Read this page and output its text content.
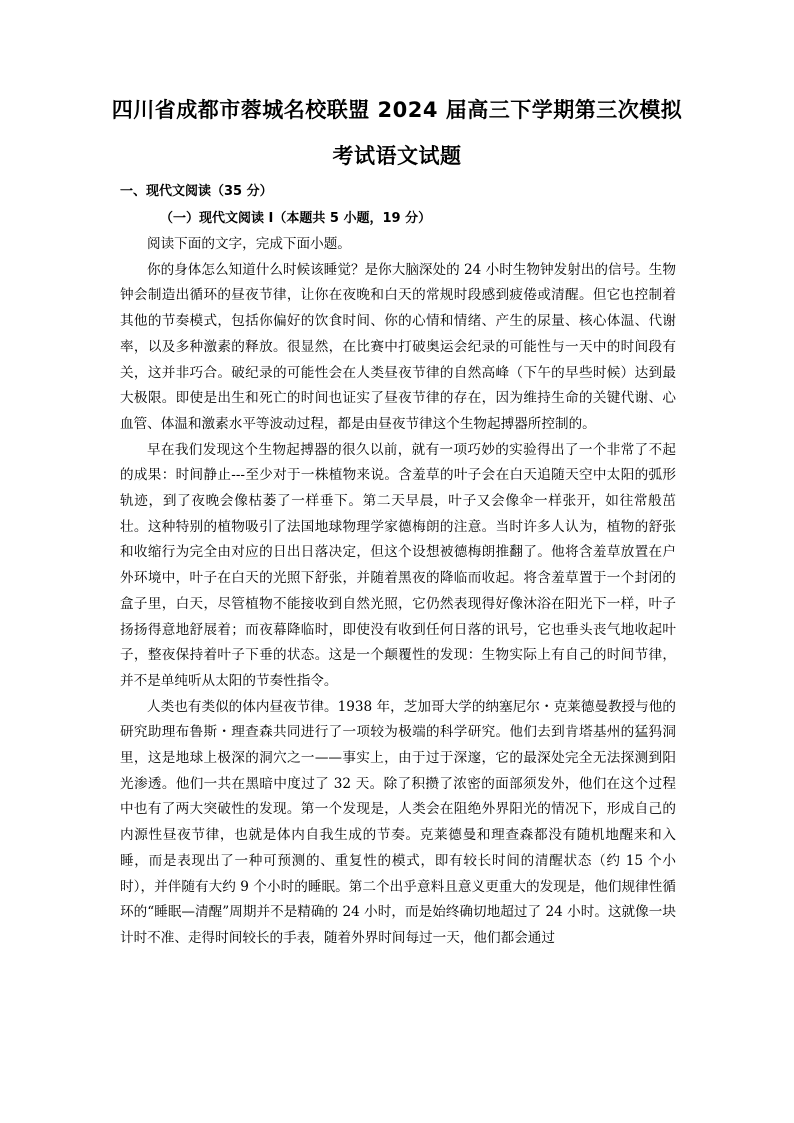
四川省成都市蓉城名校联盟 2024 届高三下学期第三次模拟
考试语文试题
一、现代文阅读（35 分）
（一）现代文阅读 I（本题共 5 小题，19 分）

阅读下面的文字，完成下面小题。

你的身体怎么知道什么时候该睡觉？是你大脑深处的 24 小时生物钟发射出的信号。生物钟会制造出循环的昼夜节律，让你在夜晚和白天的常规时段感到疲倦或清醒。但它也控制着其他的节奏模式，包括你偏好的饮食时间、你的心情和情绪、产生的尿量、核心体温、代谢率，以及多种激素的释放。很显然，在比赛中打破奥运会纪录的可能性与一天中的时间段有关，这并非巧合。破纪录的可能性会在人类昼夜节律的自然高峰（下午的早些时候）达到最大极限。即使是出生和死亡的时间也证实了昼夜节律的存在，因为维持生命的关键代谢、心血管、体温和激素水平等波动过程，都是由昼夜节律这个生物起搏器所控制的。

早在我们发现这个生物起搏器的很久以前，就有一项巧妙的实验得出了一个非常了不起的成果：时间静止---至少对于一株植物来说。含羞草的叶子会在白天追随天空中太阳的弧形轨迹，到了夜晚会像枯萎了一样垂下。第二天早晨，叶子又会像伞一样张开，如往常般茁壮。这种特别的植物吸引了法国地球物理学家德梅朗的注意。当时许多人认为，植物的舒张和收缩行为完全由对应的日出日落决定，但这个设想被德梅朗推翻了。他将含羞草放置在户外环境中，叶子在白天的光照下舒张，并随着黑夜的降临而收起。将含羞草置于一个封闭的盒子里，白天，尽管植物不能接收到自然光照，它仍然表现得好像沐浴在阳光下一样，叶子扬扬得意地舒展着；而夜幕降临时，即使没有收到任何日落的讯号，它也垂头丧气地收起叶子，整夜保持着叶子下垂的状态。这是一个颠覆性的发现：生物实际上有自己的时间节律，并不是单纯听从太阳的节奏性指令。

人类也有类似的体内昼夜节律。1938 年，芝加哥大学的纳塞尼尔・克莱德曼教授与他的研究助理布鲁斯・理查森共同进行了一项较为极端的科学研究。他们去到肯塔基州的猛犸洞里，这是地球上极深的洞穴之一——事实上，由于过于深邃，它的最深处完全无法探测到阳光渗透。他们一共在黑暗中度过了 32 天。除了积攒了浓密的面部须发外，他们在这个过程中也有了两大突破性的发现。第一个发现是，人类会在阻绝外界阳光的情况下，形成自己的内源性昼夜节律，也就是体内自我生成的节奏。克莱德曼和理查森都没有随机地醒来和入睡，而是表现出了一种可预测的、重复性的模式，即有较长时间的清醒状态（约 15 个小时），并伴随有大约 9 个小时的睡眠。第二个出乎意料且意义更重大的发现是，他们规律性循环的“睡眠—清醒”周期并不是精确的 24 小时，而是始终确切地超过了 24 小时。这就像一块计时不准、走得时间较长的手表，随着外界时间每过一天，他们都会通过
